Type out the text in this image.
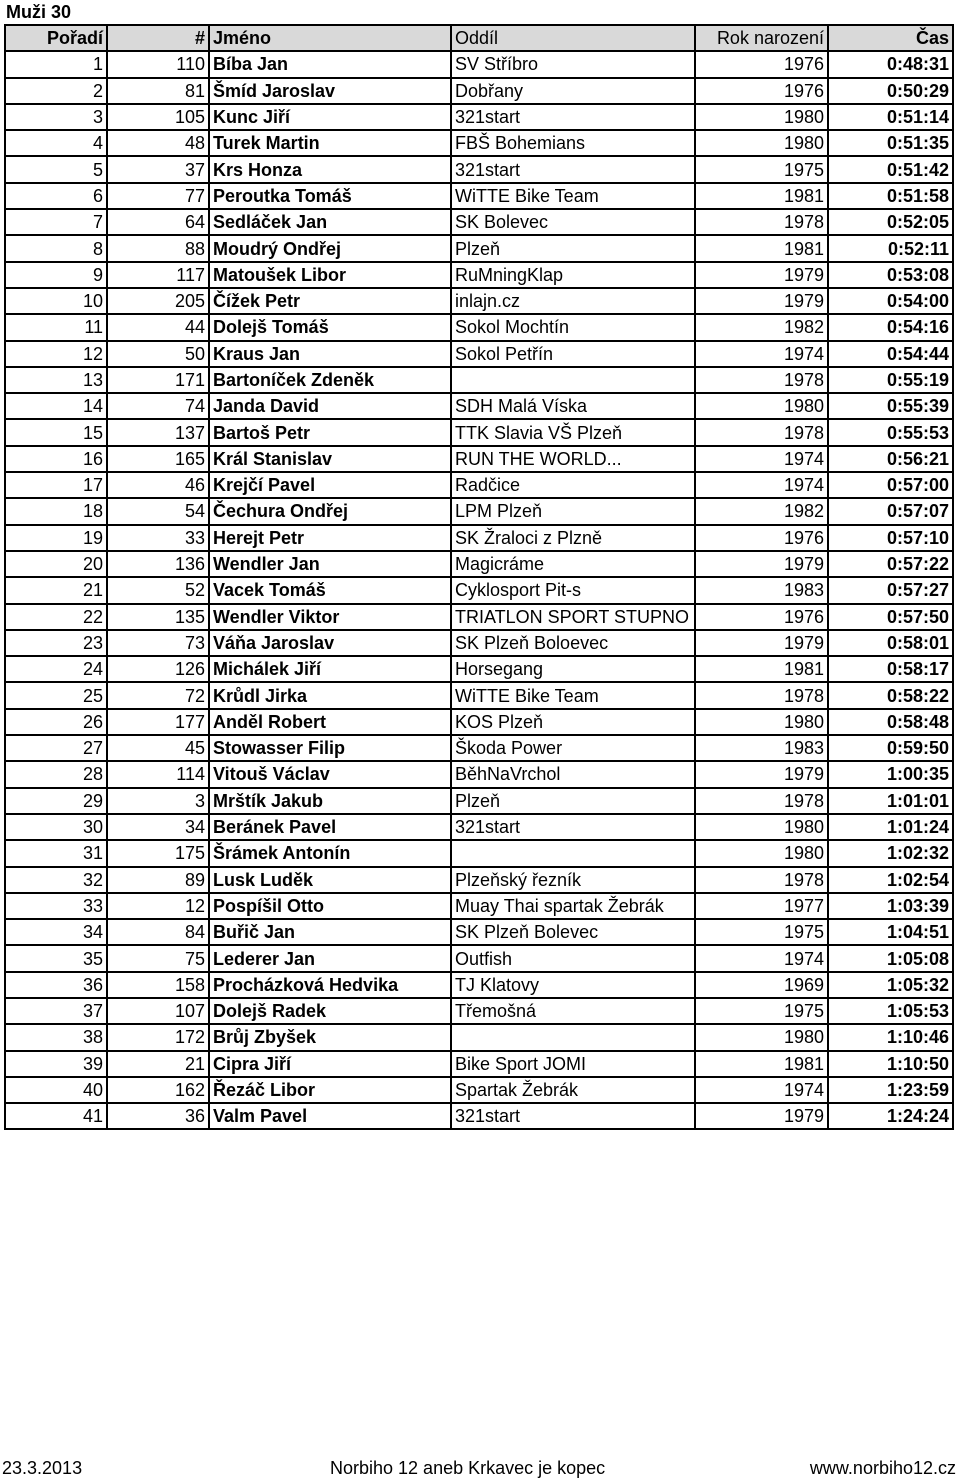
Muži 30
Pořadí	#	Jméno	Oddíl	Rok narození	Čas
1	110	Bíba Jan	SV Stříbro	1976	0:48:31
2	81	Šmíd Jaroslav	Dobřany	1976	0:50:29
3	105	Kunc Jiří	321start	1980	0:51:14
4	48	Turek Martin	FBŠ Bohemians	1980	0:51:35
5	37	Krs Honza	321start	1975	0:51:42
6	77	Peroutka Tomáš	WiTTE Bike Team	1981	0:51:58
7	64	Sedláček Jan	SK Bolevec	1978	0:52:05
8	88	Moudrý Ondřej	Plzeň	1981	0:52:11
9	117	Matoušek Libor	RuMningKlap	1979	0:53:08
10	205	Čížek Petr	inlajn.cz	1979	0:54:00
11	44	Dolejš Tomáš	Sokol Mochtín	1982	0:54:16
12	50	Kraus Jan	Sokol Petřín	1974	0:54:44
13	171	Bartoníček Zdeněk		1978	0:55:19
14	74	Janda David	SDH Malá Víska	1980	0:55:39
15	137	Bartoš Petr	TTK Slavia VŠ Plzeň	1978	0:55:53
16	165	Král Stanislav	RUN THE WORLD...	1974	0:56:21
17	46	Krejčí Pavel	Radčice	1974	0:57:00
18	54	Čechura Ondřej	LPM Plzeň	1982	0:57:07
19	33	Herejt Petr	SK Žraloci z Plzně	1976	0:57:10
20	136	Wendler Jan	Magicráme	1979	0:57:22
21	52	Vacek Tomáš	Cyklosport Pit-s	1983	0:57:27
22	135	Wendler Viktor	TRIATLON SPORT STUPNO	1976	0:57:50
23	73	Váňa Jaroslav	SK Plzeň Boloevec	1979	0:58:01
24	126	Michálek Jiří	Horsegang	1981	0:58:17
25	72	Krůdl Jirka	WiTTE Bike Team	1978	0:58:22
26	177	Anděl Robert	KOS Plzeň	1980	0:58:48
27	45	Stowasser Filip	Škoda Power	1983	0:59:50
28	114	Vitouš Václav	BěhNaVrchol	1979	1:00:35
29	3	Mrštík Jakub	Plzeň	1978	1:01:01
30	34	Beránek Pavel	321start	1980	1:01:24
31	175	Šrámek Antonín		1980	1:02:32
32	89	Lusk Luděk	Plzeňský řezník	1978	1:02:54
33	12	Pospíšil Otto	Muay Thai spartak Žebrák	1977	1:03:39
34	84	Buřič Jan	SK Plzeň Bolevec	1975	1:04:51
35	75	Lederer Jan	Outfish	1974	1:05:08
36	158	Procházková Hedvika	TJ Klatovy	1969	1:05:32
37	107	Dolejš Radek	Třemošná	1975	1:05:53
38	172	Brůj Zbyšek		1980	1:10:46
39	21	Cipra Jiří	Bike Sport JOMI	1981	1:10:50
40	162	Řezáč Libor	Spartak Žebrák	1974	1:23:59
41	36	Valm Pavel	321start	1979	1:24:24
23.3.2013	Norbiho 12 aneb Krkavec je kopec	www.norbiho12.cz
